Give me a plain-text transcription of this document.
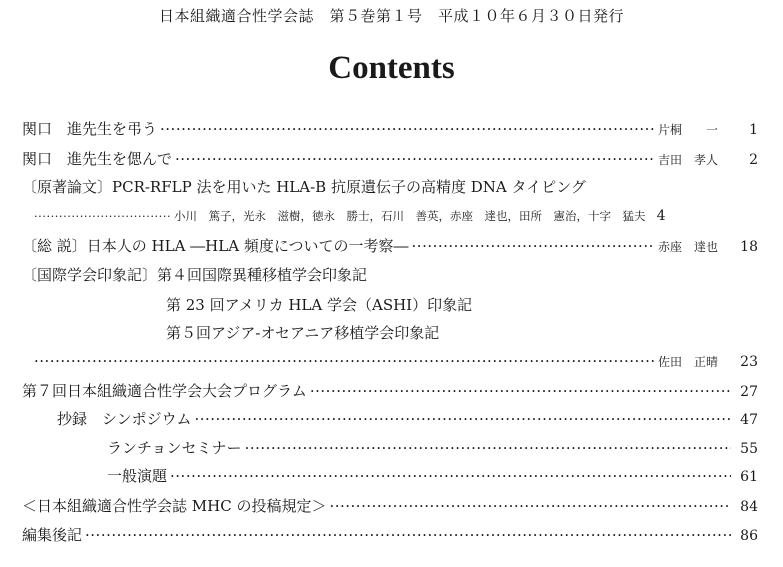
日本組織適合性学会誌　第５巻第１号　平成１０年６月３０日発行
Contents
関口　進先生を弔う ·····	片桐　　一	1
関口　進先生を偲んで ·····	吉田　孝人	2
〔原著論文〕PCR-RFLP 法を用いた HLA-B 抗原遺伝子の高精度 DNA タイピング
·····
小川　篤子，光永　滋樹，徳永　勝士，石川　善英，赤座　達也，田所　憲治，十字　猛夫 4
〔総 説〕日本人の HLA ―HLA 頻度についての一考察― ·····	赤座　達也	18
〔国際学会印象記〕第４回国際異種移植学会印象記
第 23 回アメリカ HLA 学会（ASHI）印象記
第５回アジア-オセアニア移植学会印象記
·····
佐田　正晴	23
第７回日本組織適合性学会大会プログラム ·····	27
抄録　シンポジウム ·····	47
ランチョンセミナー ·····	55
一般演題 ·····	61
＜日本組織適合性学会誌 MHC の投稿規定＞ ·····	84
編集後記 ·····	86
